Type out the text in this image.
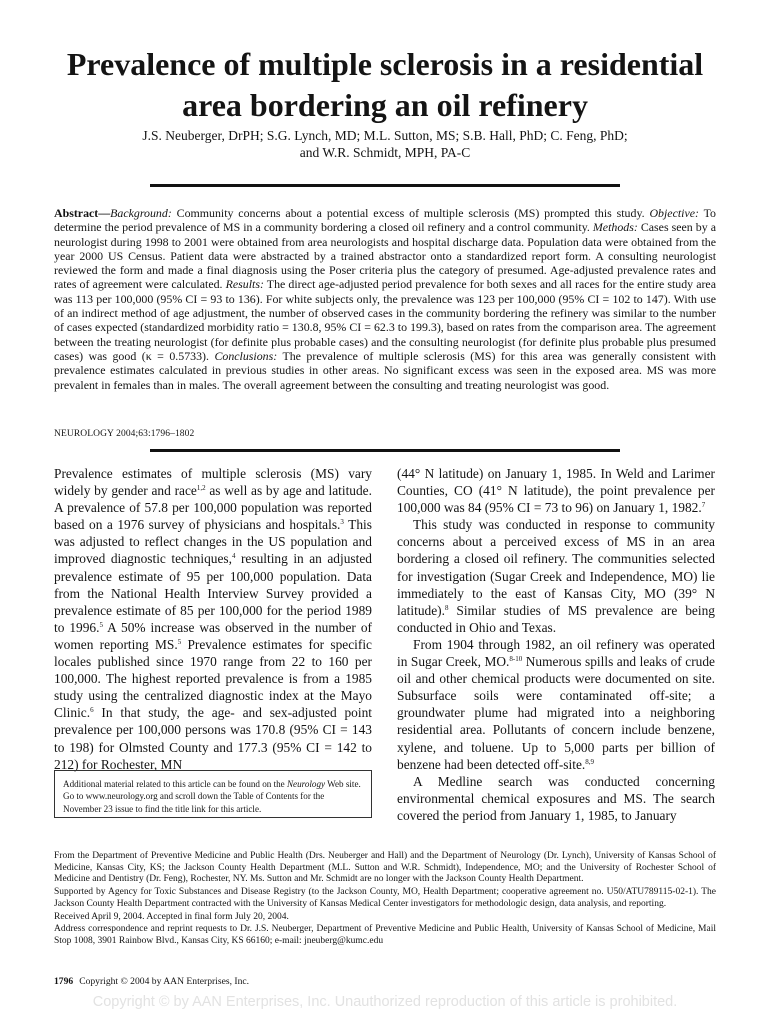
Prevalence of multiple sclerosis in a residential area bordering an oil refinery
J.S. Neuberger, DrPH; S.G. Lynch, MD; M.L. Sutton, MS; S.B. Hall, PhD; C. Feng, PhD;
and W.R. Schmidt, MPH, PA-C
Abstract—Background: Community concerns about a potential excess of multiple sclerosis (MS) prompted this study. Objective: To determine the period prevalence of MS in a community bordering a closed oil refinery and a control community. Methods: Cases seen by a neurologist during 1998 to 2001 were obtained from area neurologists and hospital discharge data. Population data were obtained from the year 2000 US Census. Patient data were abstracted by a trained abstractor onto a standardized report form. A consulting neurologist reviewed the form and made a final diagnosis using the Poser criteria plus the category of presumed. Age-adjusted prevalence rates and rates of agreement were calculated. Results: The direct age-adjusted period prevalence for both sexes and all races for the entire study area was 113 per 100,000 (95% CI = 93 to 136). For white subjects only, the prevalence was 123 per 100,000 (95% CI = 102 to 147). With use of an indirect method of age adjustment, the number of observed cases in the community bordering the refinery was similar to the number of cases expected (standardized morbidity ratio = 130.8, 95% CI = 62.3 to 199.3), based on rates from the comparison area. The agreement between the treating neurologist (for definite plus probable cases) and the consulting neurologist (for definite plus probable plus presumed cases) was good (κ = 0.5733). Conclusions: The prevalence of multiple sclerosis (MS) for this area was generally consistent with prevalence estimates calculated in previous studies in other areas. No significant excess was seen in the exposed area. MS was more prevalent in females than in males. The overall agreement between the consulting and treating neurologist was good.
NEUROLOGY 2004;63:1796–1802

Prevalence estimates of multiple sclerosis (MS) vary widely by gender and race$^{1,2}$ as well as by age and latitude. A prevalence of 57.8 per 100,000 population was reported based on a 1976 survey of physicians and hospitals.$^3$ This was adjusted to reflect changes in the US population and improved diagnostic techniques,$^4$ resulting in an adjusted prevalence estimate of 95 per 100,000 population. Data from the National Health Interview Survey provided a prevalence estimate of 85 per 100,000 for the period 1989 to 1996.$^5$ A 50% increase was observed in the number of women reporting MS.$^5$ Prevalence estimates for specific locales published since 1970 range from 22 to 160 per 100,000. The highest reported prevalence is from a 1985 study using the centralized diagnostic index at the Mayo Clinic.$^6$ In that study, the age- and sex-adjusted point prevalence per 100,000 persons was 170.8 (95% CI = 143 to 198) for Olmsted County and 177.3 (95% CI = 142 to 212) for Rochester, MN

Additional material related to this article can be found on the Neurology Web site. Go to www.neurology.org and scroll down the Table of Contents for the November 23 issue to find the title link for this article.

(44° N latitude) on January 1, 1985. In Weld and Larimer Counties, CO (41° N latitude), the point prevalence per 100,000 was 84 (95% CI = 73 to 96) on January 1, 1982.$^7$

This study was conducted in response to community concerns about a perceived excess of MS in an area bordering a closed oil refinery. The communities selected for investigation (Sugar Creek and Independence, MO) lie immediately to the east of Kansas City, MO (39° N latitude).$^8$ Similar studies of MS prevalence are being conducted in Ohio and Texas.

From 1904 through 1982, an oil refinery was operated in Sugar Creek, MO.$^{8-10}$ Numerous spills and leaks of crude oil and other chemical products were documented on site. Subsurface soils were contaminated off-site; a groundwater plume had migrated into a neighboring residential area. Pollutants of concern include benzene, xylene, and toluene. Up to 5,000 parts per billion of benzene had been detected off-site.$^{8,9}$

A Medline search was conducted concerning environmental chemical exposures and MS. The search covered the period from January 1, 1985, to January

From the Department of Preventive Medicine and Public Health (Drs. Neuberger and Hall) and the Department of Neurology (Dr. Lynch), University of Kansas School of Medicine, Kansas City, KS; the Jackson County Health Department (M.L. Sutton and W.R. Schmidt), Independence, MO; and the University of Rochester School of Medicine and Dentistry (Dr. Feng), Rochester, NY. Ms. Sutton and Mr. Schmidt are no longer with the Jackson County Health Department.

Supported by Agency for Toxic Substances and Disease Registry (to the Jackson County, MO, Health Department; cooperative agreement no. U50/ATU789115-02-1). The Jackson County Health Department contracted with the University of Kansas Medical Center investigators for methodologic design, data analysis, and reporting.

Received April 9, 2004. Accepted in final form July 20, 2004.

Address correspondence and reprint requests to Dr. J.S. Neuberger, Department of Preventive Medicine and Public Health, University of Kansas School of Medicine, Mail Stop 1008, 3901 Rainbow Blvd., Kansas City, KS 66160; e-mail: jneuberg@kumc.edu

1796 Copyright © 2004 by AAN Enterprises, Inc.
Copyright © by AAN Enterprises, Inc. Unauthorized reproduction of this article is prohibited.
